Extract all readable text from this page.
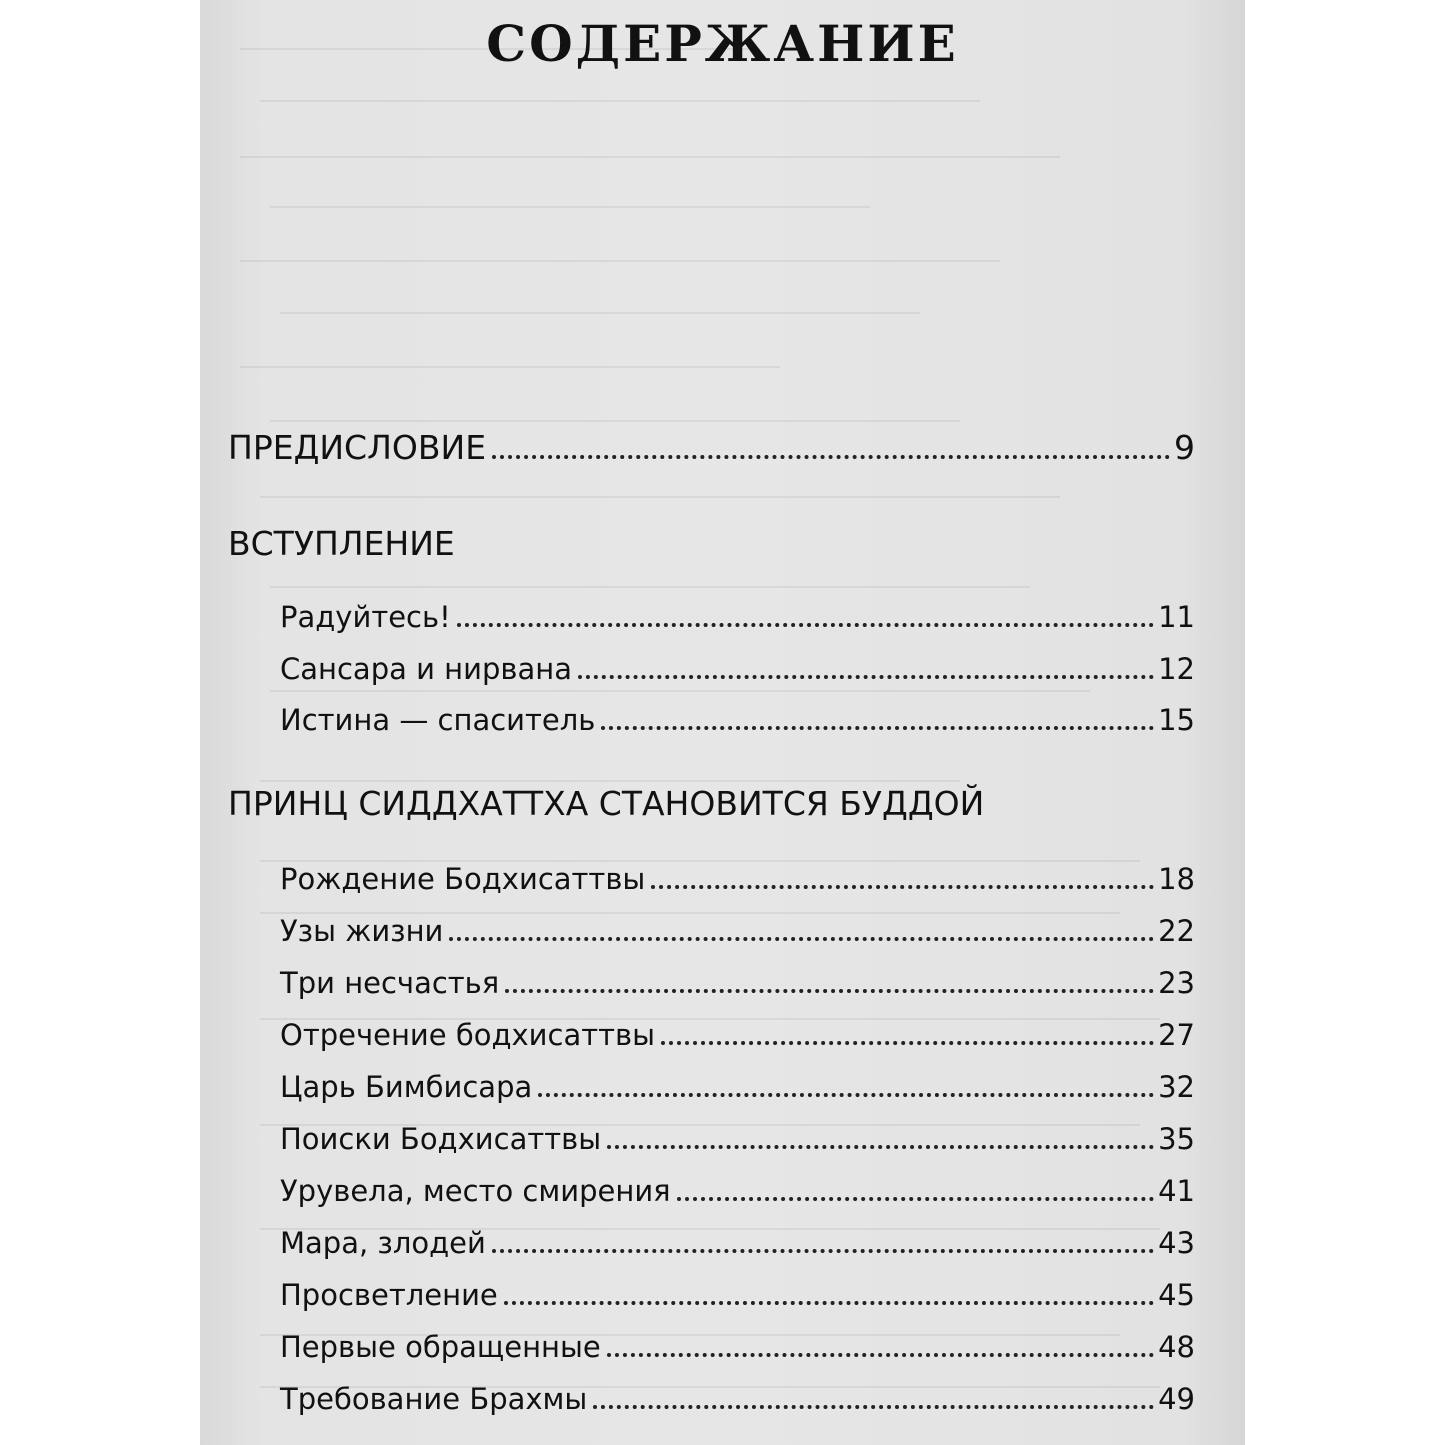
СОДЕРЖАНИЕ
ПРЕДИСЛОВИЕ	9
ВСТУПЛЕНИЕ
Радуйтесь!	11
Сансара и нирвана	12
Истина — спаситель	15
ПРИНЦ СИДДХАТТХА СТАНОВИТСЯ БУДДОЙ
Рождение Бодхисаттвы	18
Узы жизни	22
Три несчастья	23
Отречение бодхисаттвы	27
Царь Бимбисара	32
Поиски Бодхисаттвы	35
Урувела, место смирения	41
Мара, злодей	43
Просветление	45
Первые обращенные	48
Требование Брахмы	49
